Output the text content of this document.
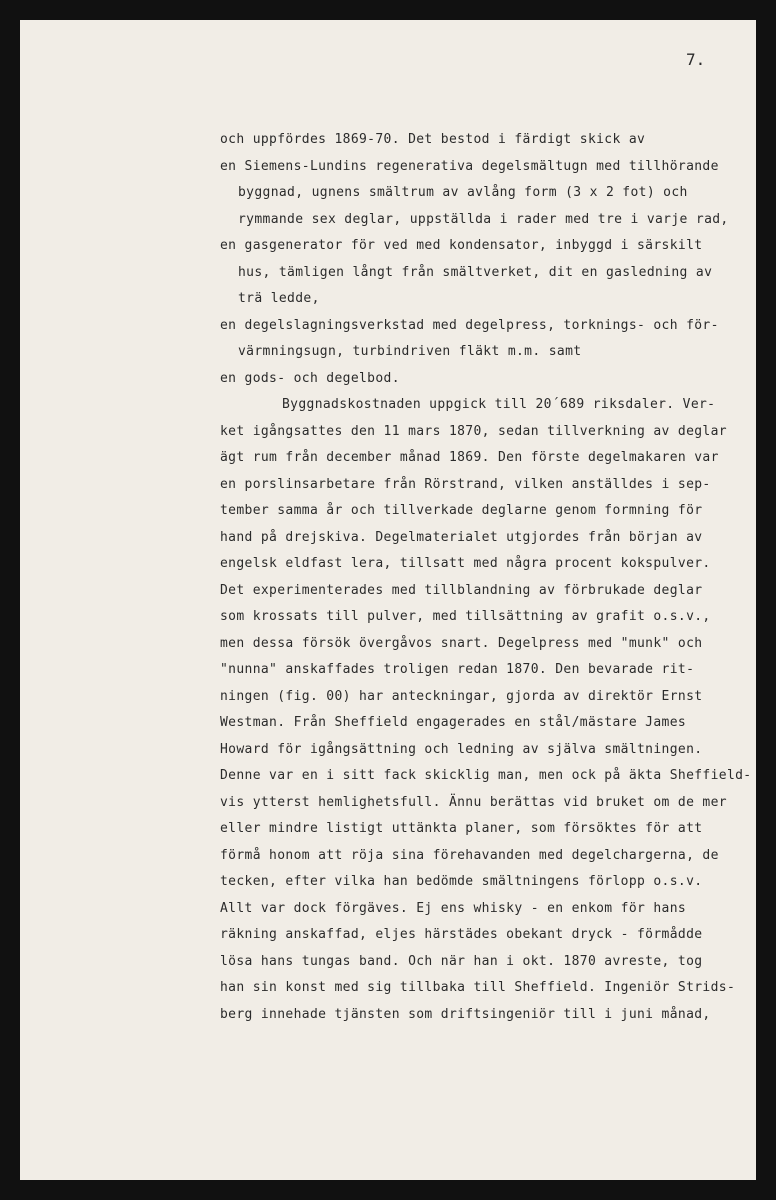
7.
och uppfördes 1869-70. Det bestod i färdigt skick av
en Siemens-Lundins regenerativa degelsmältugn med tillhörande
byggnad, ugnens smältrum av avlång form (3 x 2 fot) och
rymmande sex deglar, uppställda i rader med tre i varje rad,
en gasgenerator för ved med kondensator, inbyggd i särskilt
hus, tämligen långt från smältverket, dit en gasledning av
trä ledde,
en degelslagningsverkstad med degelpress, torknings- och för-
värmningsugn, turbindriven fläkt m.m. samt
en gods- och degelbod.
Byggnadskostnaden uppgick till 20´689 riksdaler. Ver-
ket igångsattes den 11 mars 1870, sedan tillverkning av deglar
ägt rum från december månad 1869. Den förste degelmakaren var
en porslinsarbetare från Rörstrand, vilken anställdes i sep-
tember samma år och tillverkade deglarne genom formning för
hand på drejskiva. Degelmaterialet utgjordes från början av
engelsk eldfast lera, tillsatt med några procent kokspulver.
Det experimenterades med tillblandning av förbrukade deglar
som krossats till pulver, med tillsättning av grafit o.s.v.,
men dessa försök övergåvos snart. Degelpress med "munk" och
"nunna" anskaffades troligen redan 1870. Den bevarade rit-
ningen (fig. 00) har anteckningar, gjorda av direktör Ernst
Westman. Från Sheffield engagerades en stål/mästare James
Howard för igångsättning och ledning av själva smältningen.
Denne var en i sitt fack skicklig man, men ock på äkta Sheffield-
vis ytterst hemlighetsfull. Ännu berättas vid bruket om de mer
eller mindre listigt uttänkta planer, som försöktes för att
förmå honom att röja sina förehavanden med degelchargerna, de
tecken, efter vilka han bedömde smältningens förlopp o.s.v.
Allt var dock förgäves. Ej ens whisky - en enkom för hans
räkning anskaffad, eljes härstädes obekant dryck - förmådde
lösa hans tungas band. Och när han i okt. 1870 avreste, tog
han sin konst med sig tillbaka till Sheffield. Ingeniör Strids-
berg innehade tjänsten som driftsingeniör till i juni månad,
